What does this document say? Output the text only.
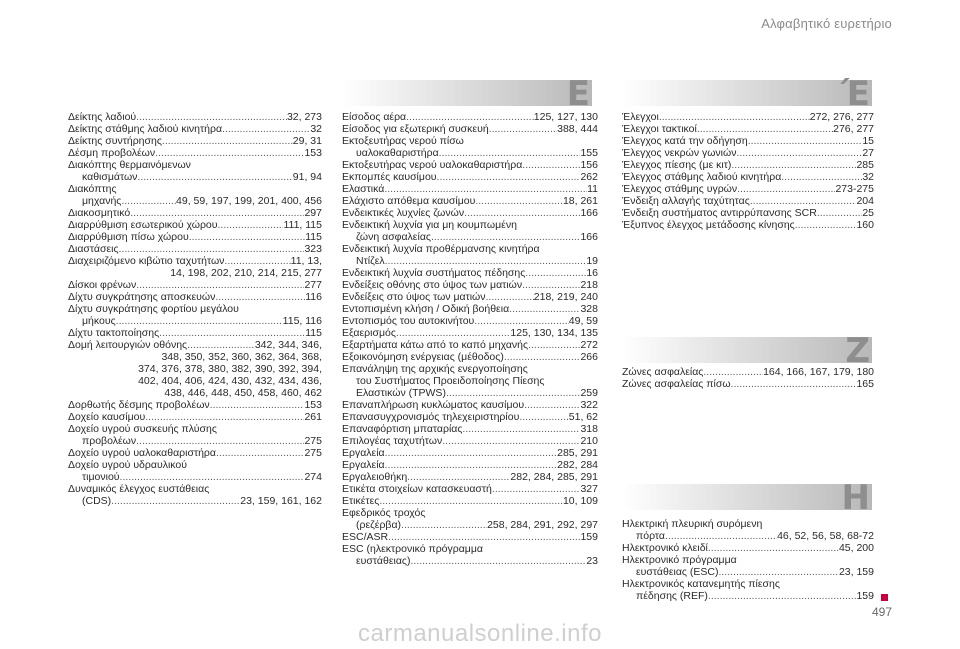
Αλφαβητικό ευρετήριο
E	Έ
Z
H
Δείκτης λαδιού .....	32, 273
Δείκτης στάθμης λαδιού κινητήρα .....	32
Δείκτης συντήρησης .....	29, 31
Δέσμη προβολέων .....	153
Διακόπτης θερμαινόμενων
καθισμάτων .....	91, 94
Διακόπτης
μηχανής .....	49, 59, 197, 199, 201, 400, 456
Διακοσμητικό .....	297
Διαρρύθμιση εσωτερικού χώρου .....	111, 115
Διαρρύθμιση πίσω χώρου .....	115
Διαστάσεις .....	323
Διαχειριζόμενο κιβώτιο ταχυτήτων .....	11, 13,
14, 198, 202, 210, 214, 215, 277
Δίσκοι φρένων .....	277
Δίχτυ συγκράτησης αποσκευών .....	116
Δίχτυ συγκράτησης φορτίου μεγάλου
μήκους .....	115, 116
Δίχτυ τακτοποίησης .....	115
Δομή λειτουργιών οθόνης .....	342, 344, 346,
348, 350, 352, 360, 362, 364, 368,
374, 376, 378, 380, 382, 390, 392, 394,
402, 404, 406, 424, 430, 432, 434, 436,
438, 446, 448, 450, 458, 460, 462
Δορθωτής δέσμης προβολέων .....	153
Δοχείο καυσίμου .....	261
Δοχείο υγρού συσκευής πλύσης
προβολέων .....	275
Δοχείο υγρού υαλοκαθαριστήρα .....	275
Δοχείο υγρού υδραυλικού
τιμονιού .....	274
Δυναμικός έλεγχος ευστάθειας
(CDS) .....	23, 159, 161, 162
Είσοδος αέρα .....	125, 127, 130
Είσοδος για εξωτερική συσκευή .....	388, 444
Εκτοξευτήρας νερού πίσω
υαλοκαθαριστήρα .....	155
Εκτοξευτήρας νερού υαλοκαθαριστήρα .....	156
Εκπομπές καυσίμου .....	262
Ελαστικά .....	11
Ελάχιστο απόθεμα καυσίμου .....	18, 261
Ενδεικτικές λυχνίες ζωνών .....	166
Ενδεικτική λυχνία για μη κουμπωμένη
ζώνη ασφαλείας .....	166
Ενδεικτική λυχνία προθέρμανσης κινητήρα
Ντίζελ .....	19
Ενδεικτική λυχνία συστήματος πέδησης .....	16
Ενδείξεις οθόνης στο ύψος των ματιών .....	218
Ενδείξεις στο ύψος των ματιών .....	218, 219, 240
Εντοπισμένη κλήση / Οδική βοήθεια .....	328
Εντοπισμός του αυτοκινήτου .....	49, 59
Εξαερισμός .....	125, 130, 134, 135
Εξαρτήματα κάτω από το καπό μηχανής .....	272
Εξοικονόμηση ενέργειας (μέθοδος) .....	266
Επανάληψη της αρχικής ενεργοποίησης
του Συστήματος Προειδοποίησης Πίεσης
Ελαστικών (TPWS) .....	259
Επαναπλήρωση κυκλώματος καυσίμου .....	322
Επανασυγχρονισμός τηλεχειριστηρίου .....	51, 62
Επαναφόρτιση μπαταρίας .....	318
Επιλογέας ταχυτήτων .....	210
Εργαλεία .....	285, 291
Εργαλεία .....	282, 284
Εργαλειοθήκη .....	282, 284, 285, 291
Ετικέτα στοιχείων κατασκευαστή .....	327
Ετικέτες .....	10, 109
Εφεδρικός τροχός
(ρεζέρβα) .....	258, 284, 291, 292, 297
ESC/ASR .....	159
ESC (ηλεκτρονικό πρόγραμμα
ευστάθειας) .....	23
Έλεγχοι .....	272, 276, 277
Έλεγχοι τακτικοί .....	276, 277
Έλεγχος κατά την οδήγηση .....	15
Έλεγχος νεκρών γωνιών .....	27
Έλεγχος πίεσης (με κιτ) .....	285
Έλεγχος στάθμης λαδιού κινητήρα .....	32
Έλεγχος στάθμης υγρών .....	273-275
Ένδειξη αλλαγής ταχύτητας .....	204
Ένδειξη συστήματος αντιρρύπανσης SCR .....	25
Έξυπνος έλεγχος μετάδοσης κίνησης .....	160
Ζώνες ασφαλείας .....	164, 166, 167, 179, 180
Ζώνες ασφαλείας πίσω .....	165
Ηλεκτρική πλευρική συρόμενη
πόρτα .....	46, 52, 56, 58, 68-72
Ηλεκτρονικό κλειδί .....	45, 200
Ηλεκτρονικό πρόγραμμα
ευστάθειας (ESC) .....	23, 159
Ηλεκτρονικός κατανεμητής πίεσης
πέδησης (REF) .....	159
497
carmanualsonline.info
